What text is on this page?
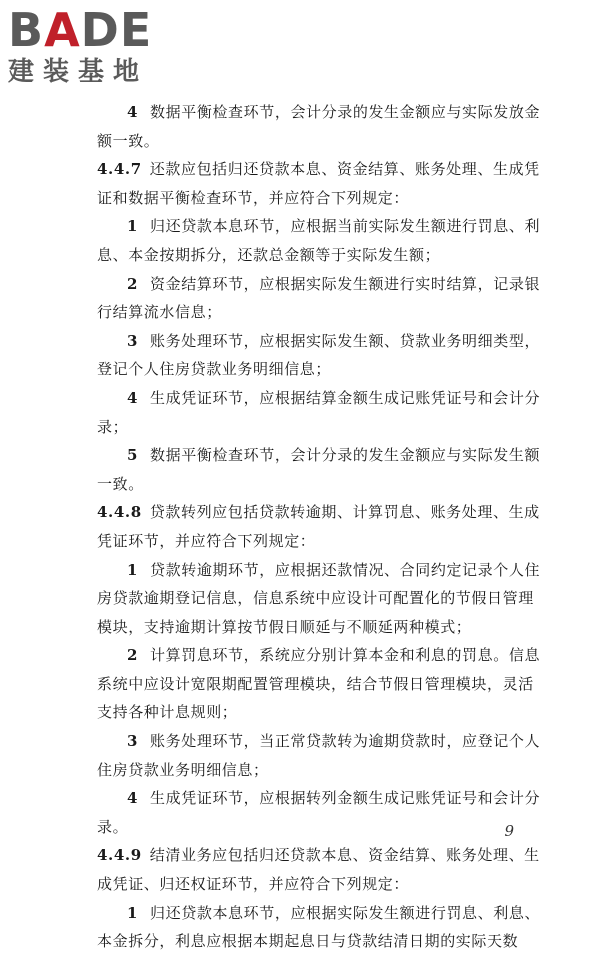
BADE
建装基地

4 数据平衡检查环节，会计分录的发生金额应与实际发放金额一致。

4.4.7 还款应包括归还贷款本息、资金结算、账务处理、生成凭证和数据平衡检查环节，并应符合下列规定：

1 归还贷款本息环节，应根据当前实际发生额进行罚息、利息、本金按期拆分，还款总金额等于实际发生额；

2 资金结算环节，应根据实际发生额进行实时结算，记录银行结算流水信息；

3 账务处理环节，应根据实际发生额、贷款业务明细类型，登记个人住房贷款业务明细信息；

4 生成凭证环节，应根据结算金额生成记账凭证号和会计分录；

5 数据平衡检查环节，会计分录的发生金额应与实际发生额一致。

4.4.8 贷款转列应包括贷款转逾期、计算罚息、账务处理、生成凭证环节，并应符合下列规定：

1 贷款转逾期环节，应根据还款情况、合同约定记录个人住房贷款逾期登记信息，信息系统中应设计可配置化的节假日管理模块，支持逾期计算按节假日顺延与不顺延两种模式；

2 计算罚息环节，系统应分别计算本金和利息的罚息。信息系统中应设计宽限期配置管理模块，结合节假日管理模块，灵活支持各种计息规则；

3 账务处理环节，当正常贷款转为逾期贷款时，应登记个人住房贷款业务明细信息；

4 生成凭证环节，应根据转列金额生成记账凭证号和会计分录。

4.4.9 结清业务应包括归还贷款本息、资金结算、账务处理、生成凭证、归还权证环节，并应符合下列规定：

1 归还贷款本息环节，应根据实际发生额进行罚息、利息、本金拆分，利息应根据本期起息日与贷款结清日期的实际天数

9
